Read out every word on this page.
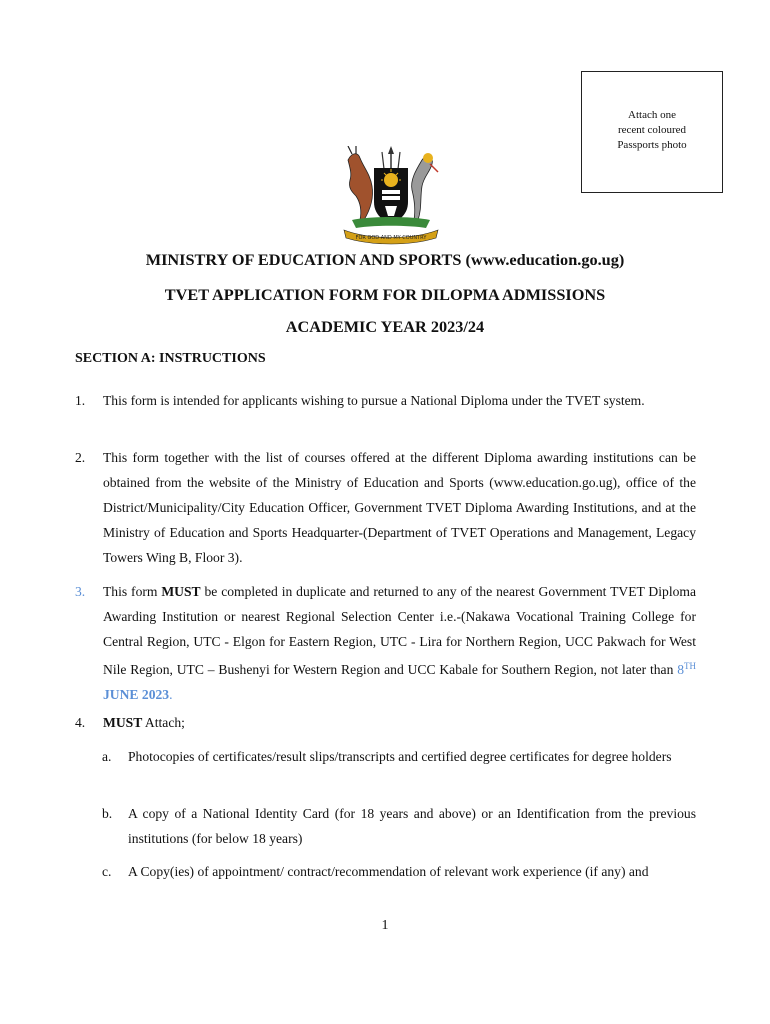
Attach one
recent coloured
Passports photo
FOR GOD AND MY COUNTRY
MINISTRY OF EDUCATION AND SPORTS (www.education.go.ug)
TVET APPLICATION FORM FOR DILOPMA ADMISSIONS
ACADEMIC YEAR 2023/24
SECTION A: INSTRUCTIONS
1. This form is intended for applicants wishing to pursue a National Diploma under the TVET system.
2. This form together with the list of courses offered at the different Diploma awarding institutions can be obtained from the website of the Ministry of Education and Sports (www.education.go.ug), office of the District/Municipality/City Education Officer, Government TVET Diploma Awarding Institutions, and at the Ministry of Education and Sports Headquarter-(Department of TVET Operations and Management, Legacy Towers Wing B, Floor 3).
3. This form MUST be completed in duplicate and returned to any of the nearest Government TVET Diploma Awarding Institution or nearest Regional Selection Center i.e.-(Nakawa Vocational Training College for Central Region, UTC - Elgon for Eastern Region, UTC - Lira for Northern Region, UCC Pakwach for West Nile Region, UTC – Bushenyi for Western Region and UCC Kabale for Southern Region, not later than 8TH JUNE 2023.
4. MUST Attach;
a. Photocopies of certificates/result slips/transcripts and certified degree certificates for degree holders
b. A copy of a National Identity Card (for 18 years and above) or an Identification from the previous institutions (for below 18 years)
c. A Copy(ies) of appointment/ contract/recommendation of relevant work experience (if any) and
1
